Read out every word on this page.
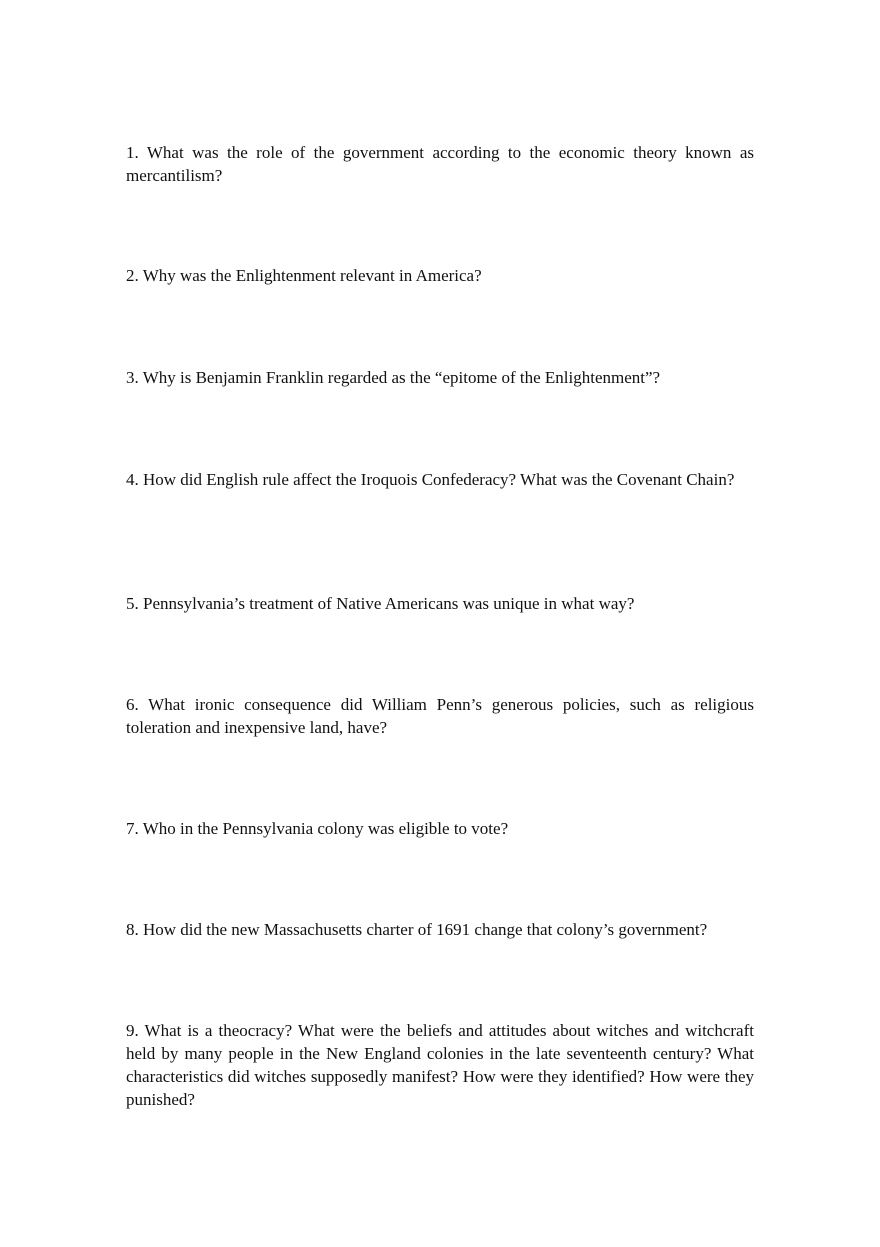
1. What was the role of the government according to the economic theory known as mercantilism?

2. Why was the Enlightenment relevant in America?

3. Why is Benjamin Franklin regarded as the “epitome of the Enlightenment”?

4. How did English rule affect the Iroquois Confederacy? What was the Covenant Chain?

5. Pennsylvania’s treatment of Native Americans was unique in what way?

6. What ironic consequence did William Penn’s generous policies, such as religious toleration and inexpensive land, have?

7. Who in the Pennsylvania colony was eligible to vote?

8. How did the new Massachusetts charter of 1691 change that colony’s government?

9. What is a theocracy? What were the beliefs and attitudes about witches and witchcraft held by many people in the New England colonies in the late seventeenth century? What characteristics did witches supposedly manifest? How were they identified? How were they punished?
